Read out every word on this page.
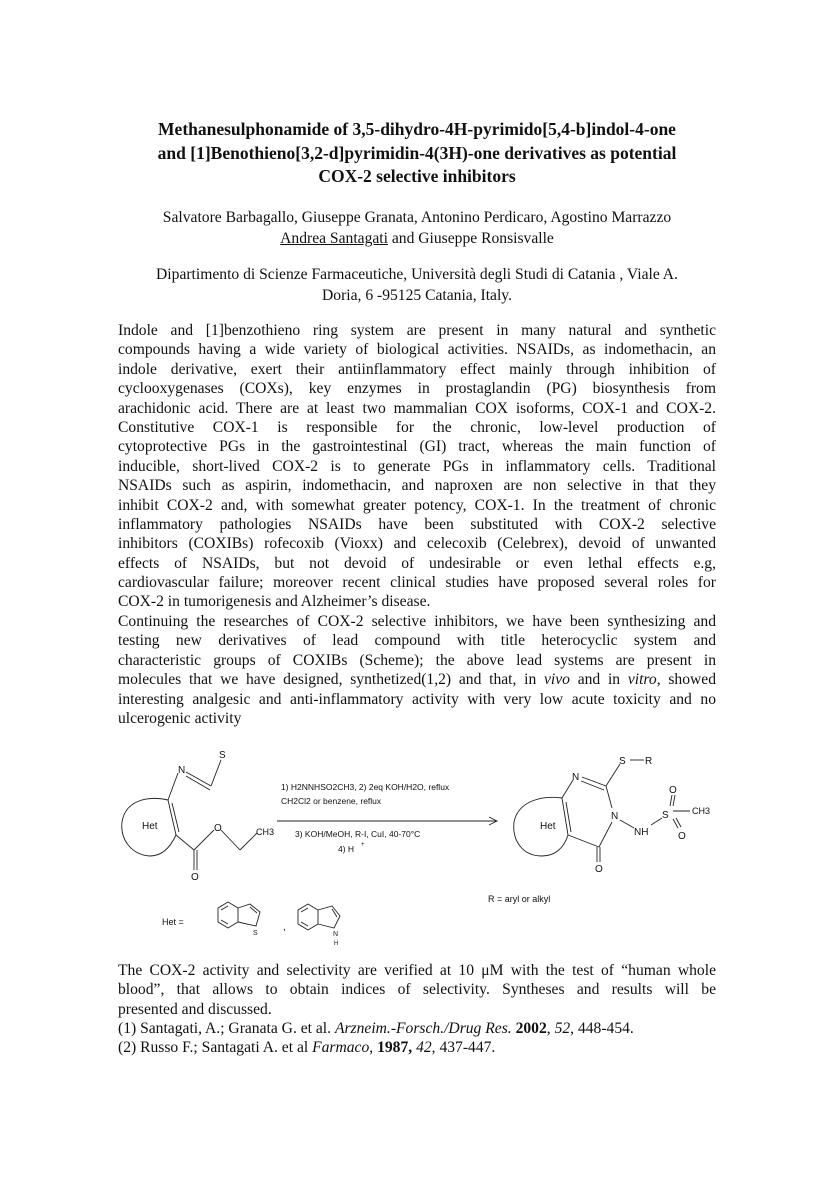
Methanesulphonamide of 3,5-dihydro-4H-pyrimido[5,4-b]indol-4-one
and [1]Benothieno[3,2-d]pyrimidin-4(3H)-one derivatives as potential
COX-2 selective inhibitors
Salvatore Barbagallo, Giuseppe Granata, Antonino Perdicaro, Agostino Marrazzo
Andrea Santagati and Giuseppe Ronsisvalle
Dipartimento di Scienze Farmaceutiche, Università degli Studi di Catania , Viale A.
Doria, 6 -95125 Catania, Italy.
Indole and [1]benzothieno ring system are present in many natural and synthetic
compounds having a wide variety of biological activities. NSAIDs, as indomethacin, an
indole derivative, exert their antiinflammatory effect mainly through inhibition of
cyclooxygenases (COXs), key enzymes in prostaglandin (PG) biosynthesis from
arachidonic acid. There are at least two mammalian COX isoforms, COX-1 and COX-2.
Constitutive COX-1 is responsible for the chronic, low-level production of
cytoprotective PGs in the gastrointestinal (GI) tract, whereas the main function of
inducible, short-lived COX-2 is to generate PGs in inflammatory cells. Traditional
NSAIDs such as aspirin, indomethacin, and naproxen are non selective in that they
inhibit COX-2 and, with somewhat greater potency, COX-1. In the treatment of chronic
inflammatory pathologies NSAIDs have been substituted with COX-2 selective
inhibitors (COXIBs) rofecoxib (Vioxx) and celecoxib (Celebrex), devoid of unwanted
effects of NSAIDs, but not devoid of undesirable or even lethal effects e.g,
cardiovascular failure; moreover recent clinical studies have proposed several roles for
COX-2 in tumorigenesis and Alzheimer’s disease.
Continuing the researches of COX-2 selective inhibitors, we have been synthesizing and
testing new derivatives of lead compound with title heterocyclic system and
characteristic groups of COXIBs (Scheme); the above lead systems are present in
molecules that we have designed, synthetized(1,2) and that, in vivo and in vitro, showed
interesting analgesic and anti-inflammatory activity with very low acute toxicity and no
ulcerogenic activity
Het
N
S
O
O	CH3
1) H2NNHSO2CH3, 2) 2eq KOH/H2O, reflux
CH2Cl2 or benzene, reflux
3) KOH/MeOH, R-I, CuI, 40-70°C
4) H +
Het
N
S R
N
O
NH
S
O
O
CH3
R = aryl or alkyl
Het =
S
,
N
H
The COX-2 activity and selectivity are verified at 10 μM with the test of “human whole
blood”, that allows to obtain indices of selectivity. Syntheses and results will be
presented and discussed.
(1) Santagati, A.; Granata G. et al. Arzneim.-Forsch./Drug Res. 2002, 52, 448-454.
(2) Russo F.; Santagati A. et al Farmaco, 1987, 42, 437-447.
